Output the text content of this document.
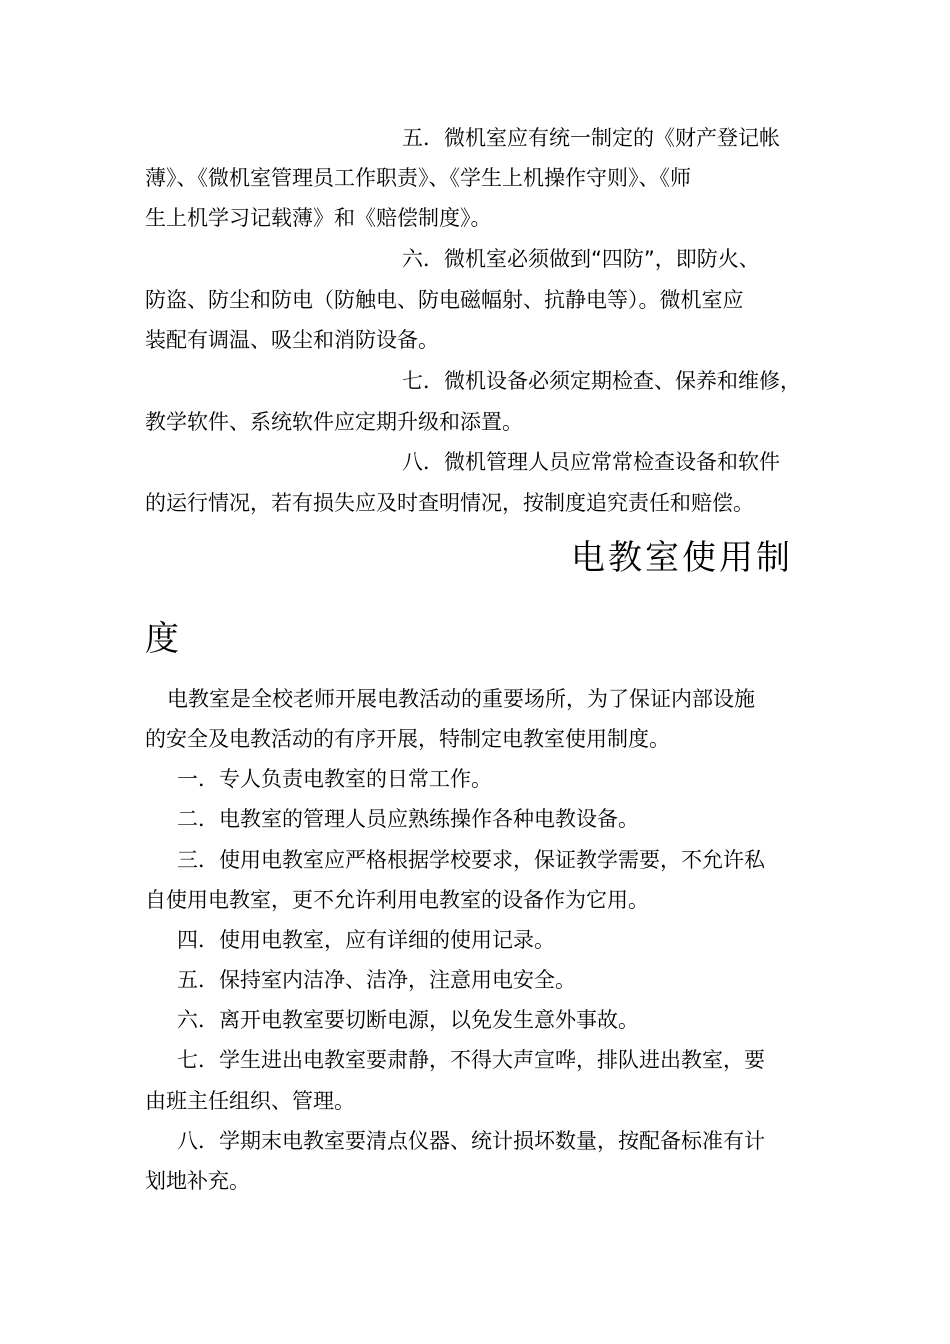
五．微机室应有统一制定的《财产登记帐
薄》、《微机室管理员工作职责》、《学生上机操作守则》、《师
生上机学习记载薄》和《赔偿制度》。
六．微机室必须做到“四防”，即防火、
防盗、防尘和防电（防触电、防电磁幅射、抗静电等）。微机室应
装配有调温、吸尘和消防设备。
七．微机设备必须定期检查、保养和维修，
教学软件、系统软件应定期升级和添置。
八．微机管理人员应常常检查设备和软件
的运行情况，若有损失应及时查明情况，按制度追究责任和赔偿。
电教室使用制
度
电教室是全校老师开展电教活动的重要场所，为了保证内部设施
的安全及电教活动的有序开展，特制定电教室使用制度。
一．专人负责电教室的日常工作。
二．电教室的管理人员应熟练操作各种电教设备。
三．使用电教室应严格根据学校要求，保证教学需要，不允许私
自使用电教室，更不允许利用电教室的设备作为它用。
四．使用电教室，应有详细的使用记录。
五．保持室内洁净、洁净，注意用电安全。
六．离开电教室要切断电源，以免发生意外事故。
七．学生进出电教室要肃静，不得大声宣哗，排队进出教室，要
由班主任组织、管理。
八．学期末电教室要清点仪器、统计损坏数量，按配备标准有计
划地补充。
